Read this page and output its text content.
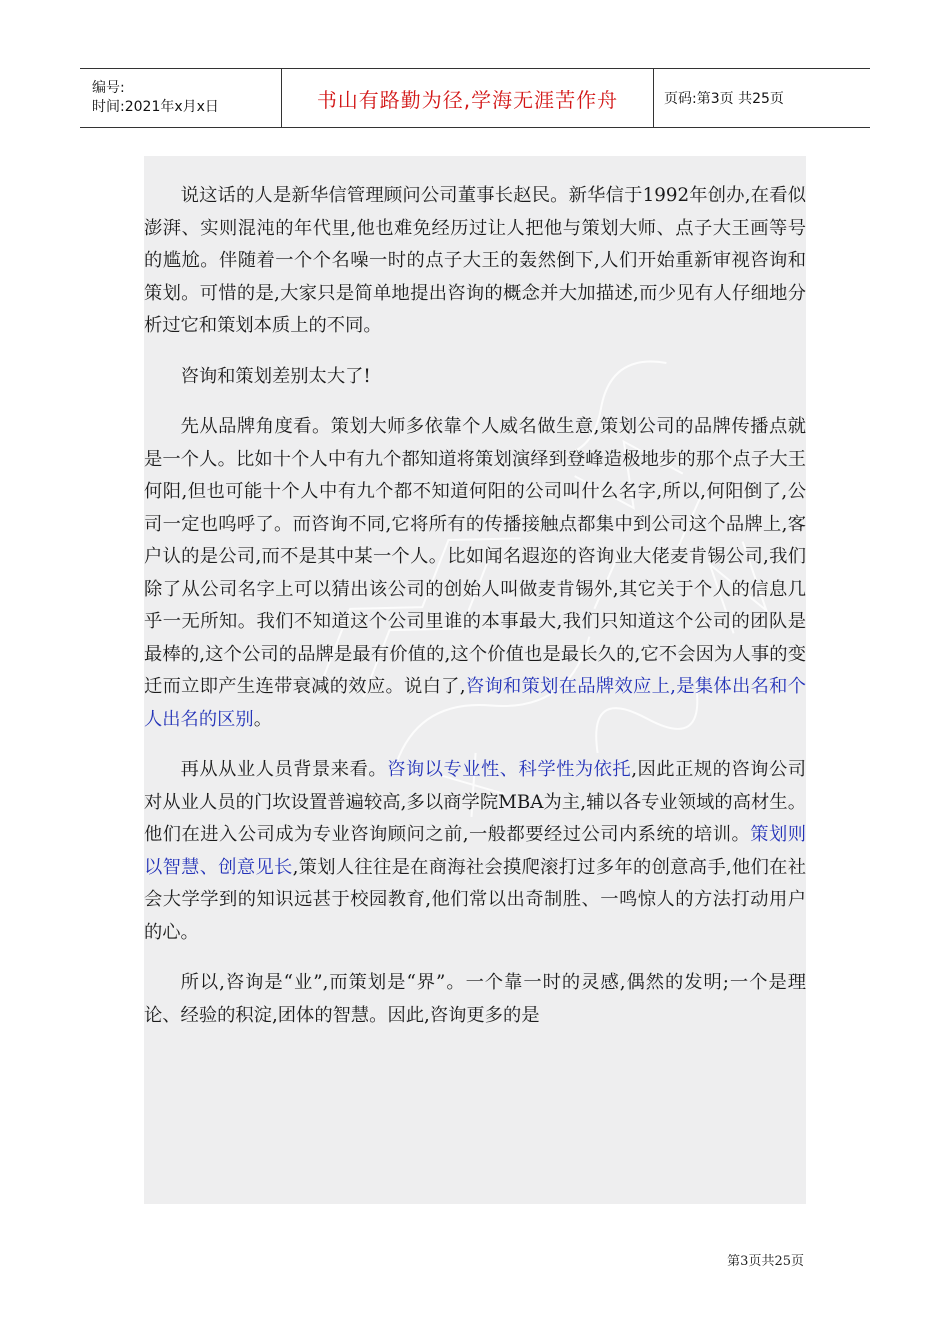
编号:
时间:2021年x月x日	书山有路勤为径,学海无涯苦作舟	页码:第3页 共25页

说这话的人是新华信管理顾问公司董事长赵民。新华信于1992年创办,在看似澎湃、实则混沌的年代里,他也难免经历过让人把他与策划大师、点子大王画等号的尴尬。伴随着一个个名噪一时的点子大王的轰然倒下,人们开始重新审视咨询和策划。可惜的是,大家只是简单地提出咨询的概念并大加描述,而少见有人仔细地分析过它和策划本质上的不同。

咨询和策划差别太大了!

先从品牌角度看。策划大师多依靠个人威名做生意,策划公司的品牌传播点就是一个人。比如十个人中有九个都知道将策划演绎到登峰造极地步的那个点子大王何阳,但也可能十个人中有九个都不知道何阳的公司叫什么名字,所以,何阳倒了,公司一定也呜呼了。而咨询不同,它将所有的传播接触点都集中到公司这个品牌上,客户认的是公司,而不是其中某一个人。比如闻名遐迩的咨询业大佬麦肯锡公司,我们除了从公司名字上可以猜出该公司的创始人叫做麦肯锡外,其它关于个人的信息几乎一无所知。我们不知道这个公司里谁的本事最大,我们只知道这个公司的团队是最棒的,这个公司的品牌是最有价值的,这个价值也是最长久的,它不会因为人事的变迁而立即产生连带衰减的效应。说白了,咨询和策划在品牌效应上,是集体出名和个人出名的区别。

再从从业人员背景来看。咨询以专业性、科学性为依托,因此正规的咨询公司对从业人员的门坎设置普遍较高,多以商学院MBA为主,辅以各专业领域的高材生。他们在进入公司成为专业咨询顾问之前,一般都要经过公司内系统的培训。策划则以智慧、创意见长,策划人往往是在商海社会摸爬滚打过多年的创意高手,他们在社会大学学到的知识远甚于校园教育,他们常以出奇制胜、一鸣惊人的方法打动用户的心。

所以,咨询是“业”,而策划是“界”。一个靠一时的灵感,偶然的发明;一个是理论、经验的积淀,团体的智慧。因此,咨询更多的是

第3页共25页
